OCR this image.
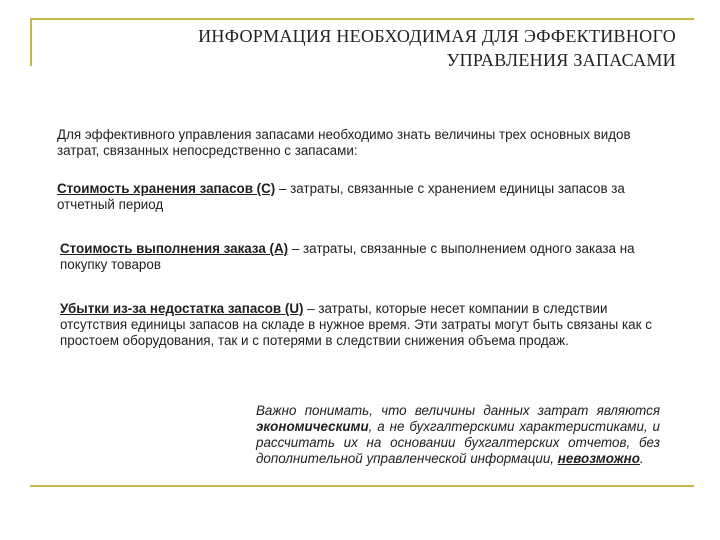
ИНФОРМАЦИЯ НЕОБХОДИМАЯ ДЛЯ ЭФФЕКТИВНОГО
УПРАВЛЕНИЯ ЗАПАСАМИ
Для эффективного управления запасами необходимо знать величины трех основных видов затрат, связанных непосредственно с запасами:
Стоимость хранения запасов (С) – затраты, связанные с хранением единицы запасов за отчетный период
Стоимость выполнения заказа (А) – затраты, связанные с выполнением одного заказа на покупку товаров
Убытки из-за недостатка запасов (U) – затраты, которые несет компании в следствии отсутствия единицы запасов на складе в нужное время. Эти затраты могут быть связаны как с простоем оборудования, так и с потерями в следствии снижения объема продаж.
Важно понимать, что величины данных затрат являются экономическими, а не бухгалтерскими характеристиками, и рассчитать их на основании бухгалтерских отчетов, без дополнительной управленческой информации, невозможно.
